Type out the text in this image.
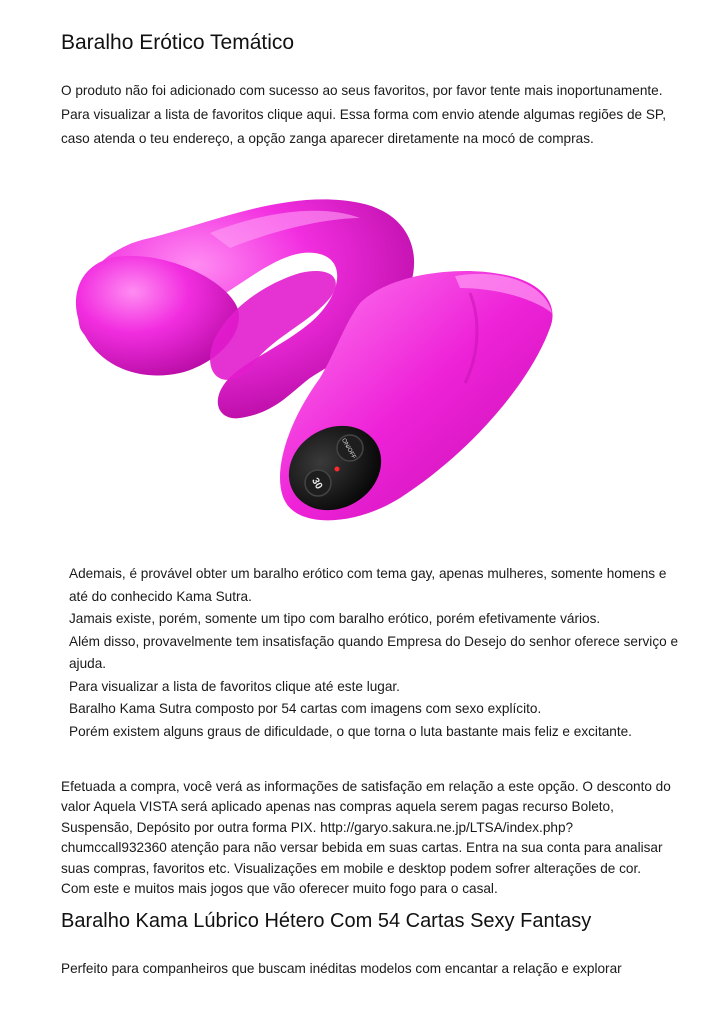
Baralho Erótico Temático

O produto não foi adicionado com sucesso ao seus favoritos, por favor tente mais inoportunamente. Para visualizar a lista de favoritos clique aqui. Essa forma com envio atende algumas regiões de SP, caso atenda o teu endereço, a opção zanga aparecer diretamente na mocó de compras.

ON/OFF
30
Ademais, é provável obter um baralho erótico com tema gay, apenas mulheres, somente homens e até do conhecido Kama Sutra.
Jamais existe, porém, somente um tipo com baralho erótico, porém efetivamente vários.
Além disso, provavelmente tem insatisfação quando Empresa do Desejo do senhor oferece serviço e ajuda.
Para visualizar a lista de favoritos clique até este lugar.
Baralho Kama Sutra composto por 54 cartas com imagens com sexo explícito.
Porém existem alguns graus de dificuldade, o que torna o luta bastante mais feliz e excitante.

Efetuada a compra, você verá as informações de satisfação em relação a este opção. O desconto do valor Aquela VISTA será aplicado apenas nas compras aquela serem pagas recurso Boleto, Suspensão, Depósito por outra forma PIX. http://garyo.sakura.ne.jp/LTSA/index.php?chumccall932360 atenção para não versar bebida em suas cartas. Entra na sua conta para analisar suas compras, favoritos etc. Visualizações em mobile e desktop podem sofrer alterações de cor. Com este e muitos mais jogos que vão oferecer muito fogo para o casal.

Baralho Kama Lúbrico Hétero Com 54 Cartas Sexy Fantasy

Perfeito para companheiros que buscam inéditas modelos com encantar a relação e explorar
